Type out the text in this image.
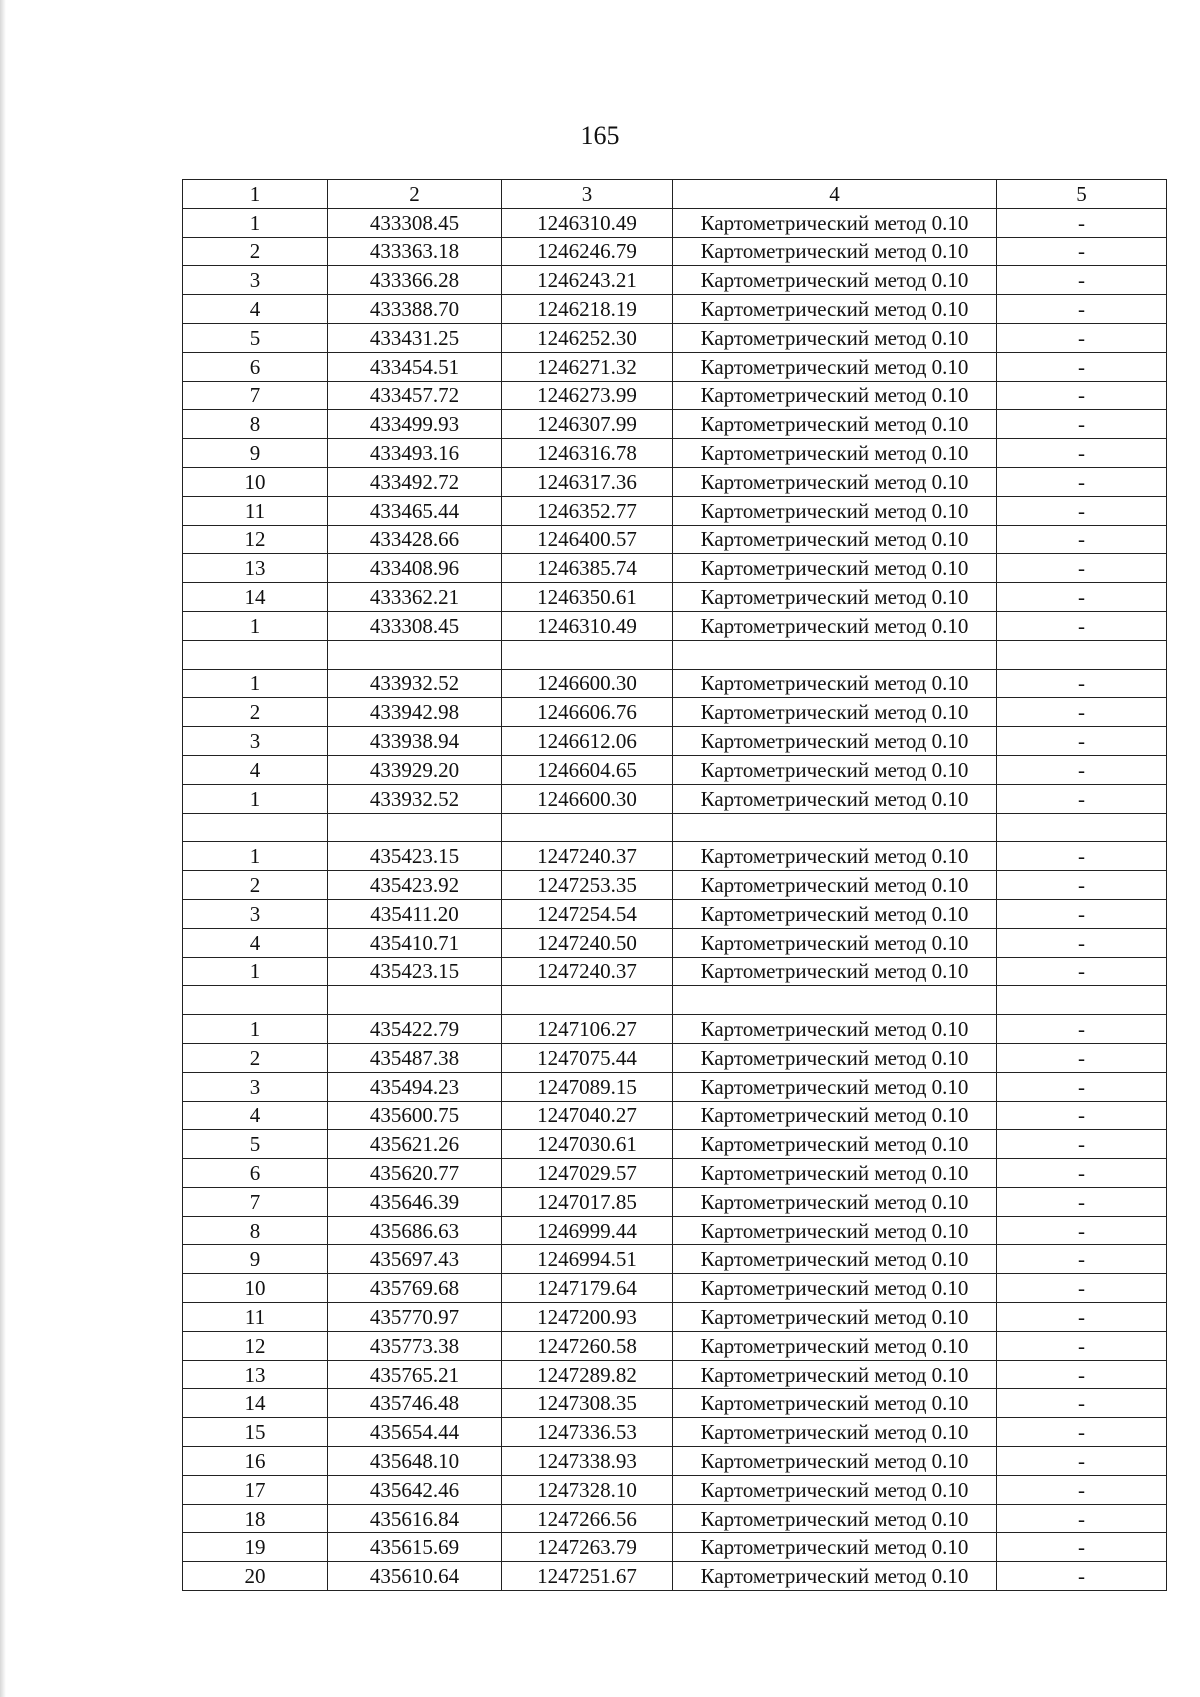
165
1	2	3	4	5
1	433308.45	1246310.49	Картометрический метод 0.10	-
2	433363.18	1246246.79	Картометрический метод 0.10	-
3	433366.28	1246243.21	Картометрический метод 0.10	-
4	433388.70	1246218.19	Картометрический метод 0.10	-
5	433431.25	1246252.30	Картометрический метод 0.10	-
6	433454.51	1246271.32	Картометрический метод 0.10	-
7	433457.72	1246273.99	Картометрический метод 0.10	-
8	433499.93	1246307.99	Картометрический метод 0.10	-
9	433493.16	1246316.78	Картометрический метод 0.10	-
10	433492.72	1246317.36	Картометрический метод 0.10	-
11	433465.44	1246352.77	Картометрический метод 0.10	-
12	433428.66	1246400.57	Картометрический метод 0.10	-
13	433408.96	1246385.74	Картометрический метод 0.10	-
14	433362.21	1246350.61	Картометрический метод 0.10	-
1	433308.45	1246310.49	Картометрический метод 0.10	-

1	433932.52	1246600.30	Картометрический метод 0.10	-
2	433942.98	1246606.76	Картометрический метод 0.10	-
3	433938.94	1246612.06	Картометрический метод 0.10	-
4	433929.20	1246604.65	Картометрический метод 0.10	-
1	433932.52	1246600.30	Картометрический метод 0.10	-

1	435423.15	1247240.37	Картометрический метод 0.10	-
2	435423.92	1247253.35	Картометрический метод 0.10	-
3	435411.20	1247254.54	Картометрический метод 0.10	-
4	435410.71	1247240.50	Картометрический метод 0.10	-
1	435423.15	1247240.37	Картометрический метод 0.10	-

1	435422.79	1247106.27	Картометрический метод 0.10	-
2	435487.38	1247075.44	Картометрический метод 0.10	-
3	435494.23	1247089.15	Картометрический метод 0.10	-
4	435600.75	1247040.27	Картометрический метод 0.10	-
5	435621.26	1247030.61	Картометрический метод 0.10	-
6	435620.77	1247029.57	Картометрический метод 0.10	-
7	435646.39	1247017.85	Картометрический метод 0.10	-
8	435686.63	1246999.44	Картометрический метод 0.10	-
9	435697.43	1246994.51	Картометрический метод 0.10	-
10	435769.68	1247179.64	Картометрический метод 0.10	-
11	435770.97	1247200.93	Картометрический метод 0.10	-
12	435773.38	1247260.58	Картометрический метод 0.10	-
13	435765.21	1247289.82	Картометрический метод 0.10	-
14	435746.48	1247308.35	Картометрический метод 0.10	-
15	435654.44	1247336.53	Картометрический метод 0.10	-
16	435648.10	1247338.93	Картометрический метод 0.10	-
17	435642.46	1247328.10	Картометрический метод 0.10	-
18	435616.84	1247266.56	Картометрический метод 0.10	-
19	435615.69	1247263.79	Картометрический метод 0.10	-
20	435610.64	1247251.67	Картометрический метод 0.10	-
